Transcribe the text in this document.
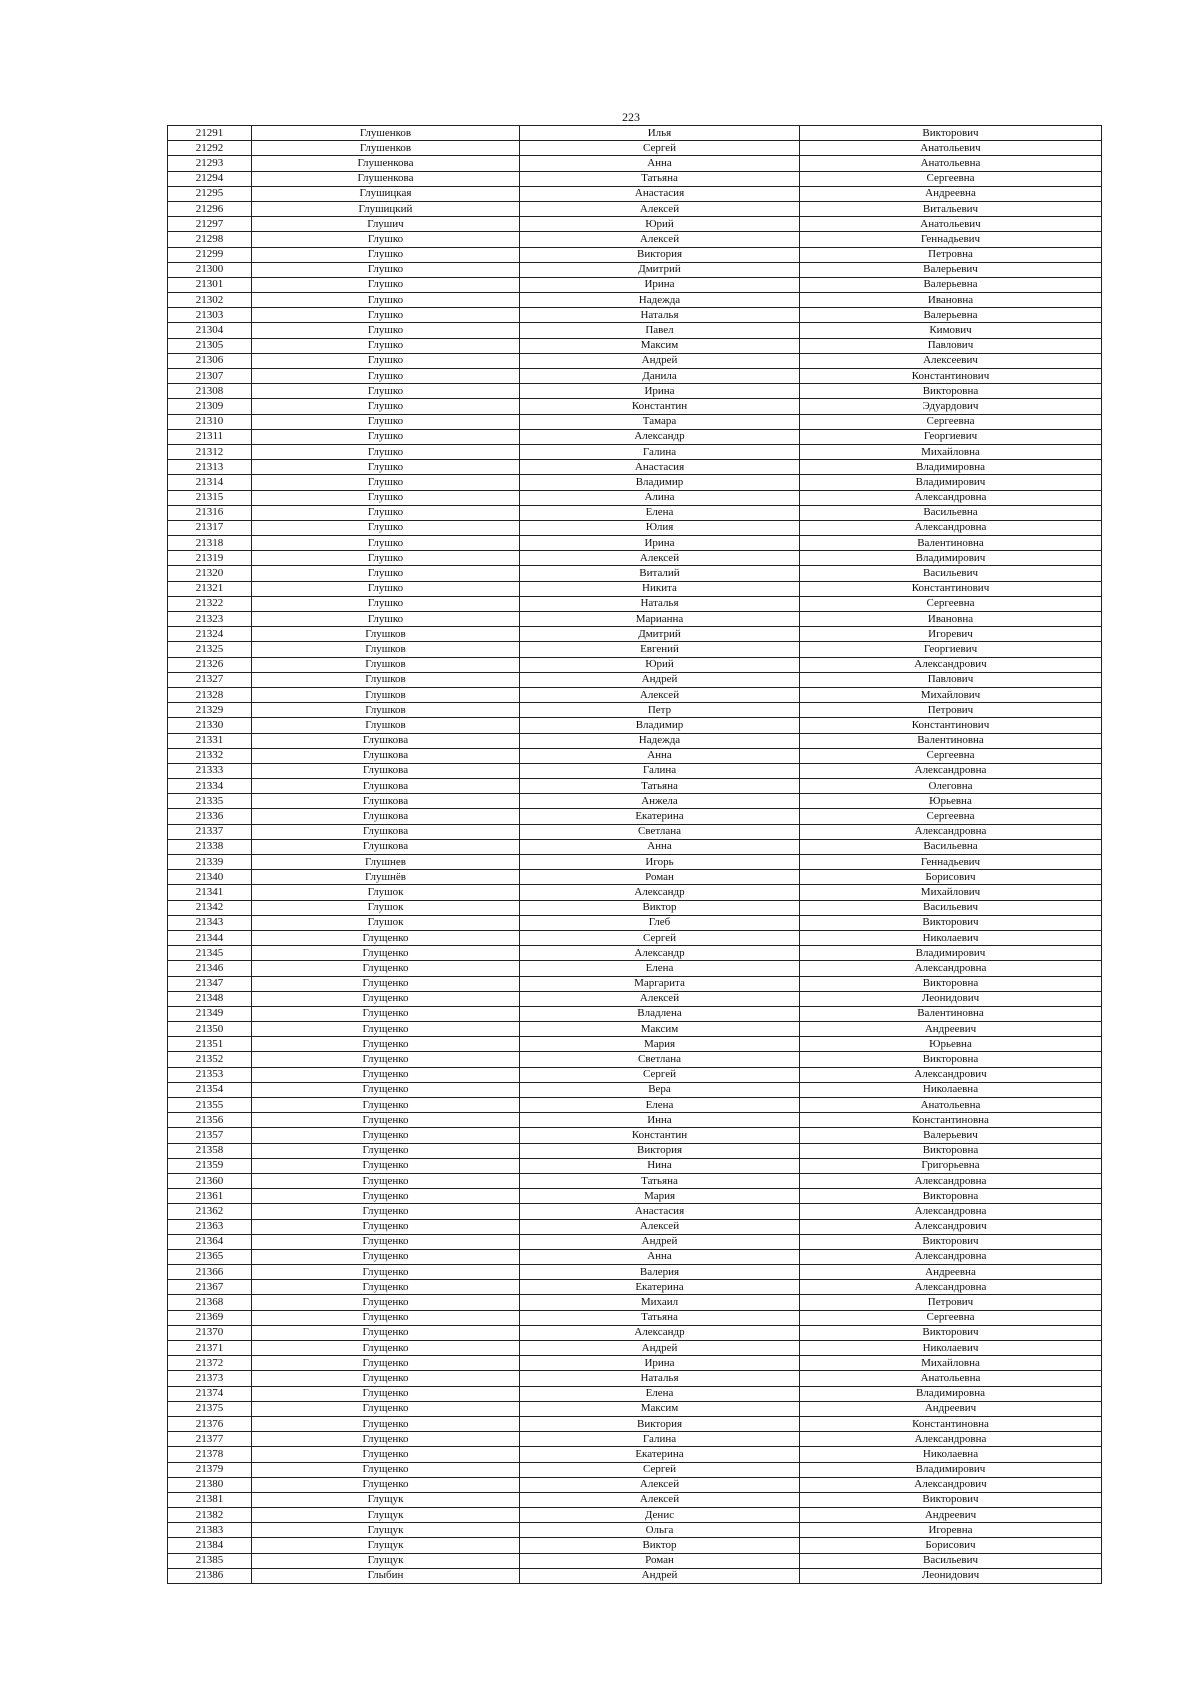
223
21291	Глушенков	Илья	Викторович
21292	Глушенков	Сергей	Анатольевич
21293	Глушенкова	Анна	Анатольевна
21294	Глушенкова	Татьяна	Сергеевна
21295	Глушицкая	Анастасия	Андреевна
21296	Глушицкий	Алексей	Витальевич
21297	Глушич	Юрий	Анатольевич
21298	Глушко	Алексей	Геннадьевич
21299	Глушко	Виктория	Петровна
21300	Глушко	Дмитрий	Валерьевич
21301	Глушко	Ирина	Валерьевна
21302	Глушко	Надежда	Ивановна
21303	Глушко	Наталья	Валерьевна
21304	Глушко	Павел	Кимович
21305	Глушко	Максим	Павлович
21306	Глушко	Андрей	Алексеевич
21307	Глушко	Данила	Константинович
21308	Глушко	Ирина	Викторовна
21309	Глушко	Константин	Эдуардович
21310	Глушко	Тамара	Сергеевна
21311	Глушко	Александр	Георгиевич
21312	Глушко	Галина	Михайловна
21313	Глушко	Анастасия	Владимировна
21314	Глушко	Владимир	Владимирович
21315	Глушко	Алина	Александровна
21316	Глушко	Елена	Васильевна
21317	Глушко	Юлия	Александровна
21318	Глушко	Ирина	Валентиновна
21319	Глушко	Алексей	Владимирович
21320	Глушко	Виталий	Васильевич
21321	Глушко	Никита	Константинович
21322	Глушко	Наталья	Сергеевна
21323	Глушко	Марианна	Ивановна
21324	Глушков	Дмитрий	Игоревич
21325	Глушков	Евгений	Георгиевич
21326	Глушков	Юрий	Александрович
21327	Глушков	Андрей	Павлович
21328	Глушков	Алексей	Михайлович
21329	Глушков	Петр	Петрович
21330	Глушков	Владимир	Константинович
21331	Глушкова	Надежда	Валентиновна
21332	Глушкова	Анна	Сергеевна
21333	Глушкова	Галина	Александровна
21334	Глушкова	Татьяна	Олеговна
21335	Глушкова	Анжела	Юрьевна
21336	Глушкова	Екатерина	Сергеевна
21337	Глушкова	Светлана	Александровна
21338	Глушкова	Анна	Васильевна
21339	Глушнев	Игорь	Геннадьевич
21340	Глушнёв	Роман	Борисович
21341	Глушок	Александр	Михайлович
21342	Глушок	Виктор	Васильевич
21343	Глушок	Глеб	Викторович
21344	Глущенко	Сергей	Николаевич
21345	Глущенко	Александр	Владимирович
21346	Глущенко	Елена	Александровна
21347	Глущенко	Маргарита	Викторовна
21348	Глущенко	Алексей	Леонидович
21349	Глущенко	Владлена	Валентиновна
21350	Глущенко	Максим	Андреевич
21351	Глущенко	Мария	Юрьевна
21352	Глущенко	Светлана	Викторовна
21353	Глущенко	Сергей	Александрович
21354	Глущенко	Вера	Николаевна
21355	Глущенко	Елена	Анатольевна
21356	Глущенко	Инна	Константиновна
21357	Глущенко	Константин	Валерьевич
21358	Глущенко	Виктория	Викторовна
21359	Глущенко	Нина	Григорьевна
21360	Глущенко	Татьяна	Александровна
21361	Глущенко	Мария	Викторовна
21362	Глущенко	Анастасия	Александровна
21363	Глущенко	Алексей	Александрович
21364	Глущенко	Андрей	Викторович
21365	Глущенко	Анна	Александровна
21366	Глущенко	Валерия	Андреевна
21367	Глущенко	Екатерина	Александровна
21368	Глущенко	Михаил	Петрович
21369	Глущенко	Татьяна	Сергеевна
21370	Глущенко	Александр	Викторович
21371	Глущенко	Андрей	Николаевич
21372	Глущенко	Ирина	Михайловна
21373	Глущенко	Наталья	Анатольевна
21374	Глущенко	Елена	Владимировна
21375	Глущенко	Максим	Андреевич
21376	Глущенко	Виктория	Константиновна
21377	Глущенко	Галина	Александровна
21378	Глущенко	Екатерина	Николаевна
21379	Глущенко	Сергей	Владимирович
21380	Глущенко	Алексей	Александрович
21381	Глущук	Алексей	Викторович
21382	Глущук	Денис	Андреевич
21383	Глущук	Ольга	Игоревна
21384	Глущук	Виктор	Борисович
21385	Глущук	Роман	Васильевич
21386	Глыбин	Андрей	Леонидович
